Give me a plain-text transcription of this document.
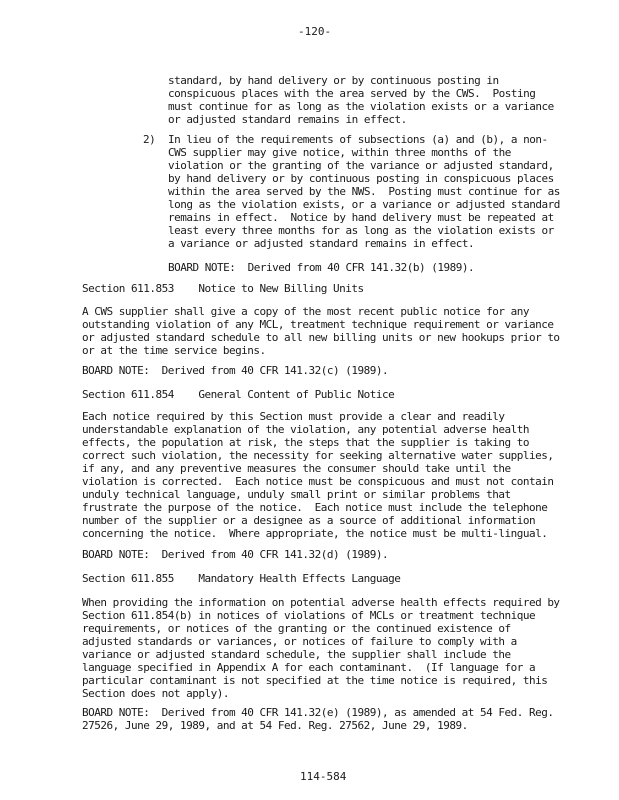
-120-
114-584
standard, by hand delivery or by continuous posting in
conspicuous places with the area served by the CWS.  Posting
must continue for as long as the violation exists or a variance
or adjusted standard remains in effect.
2) In lieu of the requirements of subsections (a) and (b), a non-
CWS supplier may give notice, within three months of the
violation or the granting of the variance or adjusted standard,
by hand delivery or by continuous posting in conspicuous places
within the area served by the NWS.  Posting must continue for as
long as the violation exists, or a variance or adjusted standard
remains in effect.  Notice by hand delivery must be repeated at
least every three months for as long as the violation exists or
a variance or adjusted standard remains in effect.
BOARD NOTE:  Derived from 40 CFR 141.32(b) (1989).
Section 611.853    Notice to New Billing Units
A CWS supplier shall give a copy of the most recent public notice for any
outstanding violation of any MCL, treatment technique requirement or variance
or adjusted standard schedule to all new billing units or new hookups prior to
or at the time service begins.
BOARD NOTE:  Derived from 40 CFR 141.32(c) (1989).
Section 611.854    General Content of Public Notice
Each notice required by this Section must provide a clear and readily
understandable explanation of the violation, any potential adverse health
effects, the population at risk, the steps that the supplier is taking to
correct such violation, the necessity for seeking alternative water supplies,
if any, and any preventive measures the consumer should take until the
violation is corrected.  Each notice must be conspicuous and must not contain
unduly technical language, unduly small print or similar problems that
frustrate the purpose of the notice.  Each notice must include the telephone
number of the supplier or a designee as a source of additional information
concerning the notice.  Where appropriate, the notice must be multi-lingual.
BOARD NOTE:  Derived from 40 CFR 141.32(d) (1989).
Section 611.855    Mandatory Health Effects Language
When providing the information on potential adverse health effects required by
Section 611.854(b) in notices of violations of MCLs or treatment technique
requirements, or notices of the granting or the continued existence of
adjusted standards or variances, or notices of failure to comply with a
variance or adjusted standard schedule, the supplier shall include the
language specified in Appendix A for each contaminant.  (If language for a
particular contaminant is not specified at the time notice is required, this
Section does not apply).
BOARD NOTE:  Derived from 40 CFR 141.32(e) (1989), as amended at 54 Fed. Reg.
27526, June 29, 1989, and at 54 Fed. Reg. 27562, June 29, 1989.
